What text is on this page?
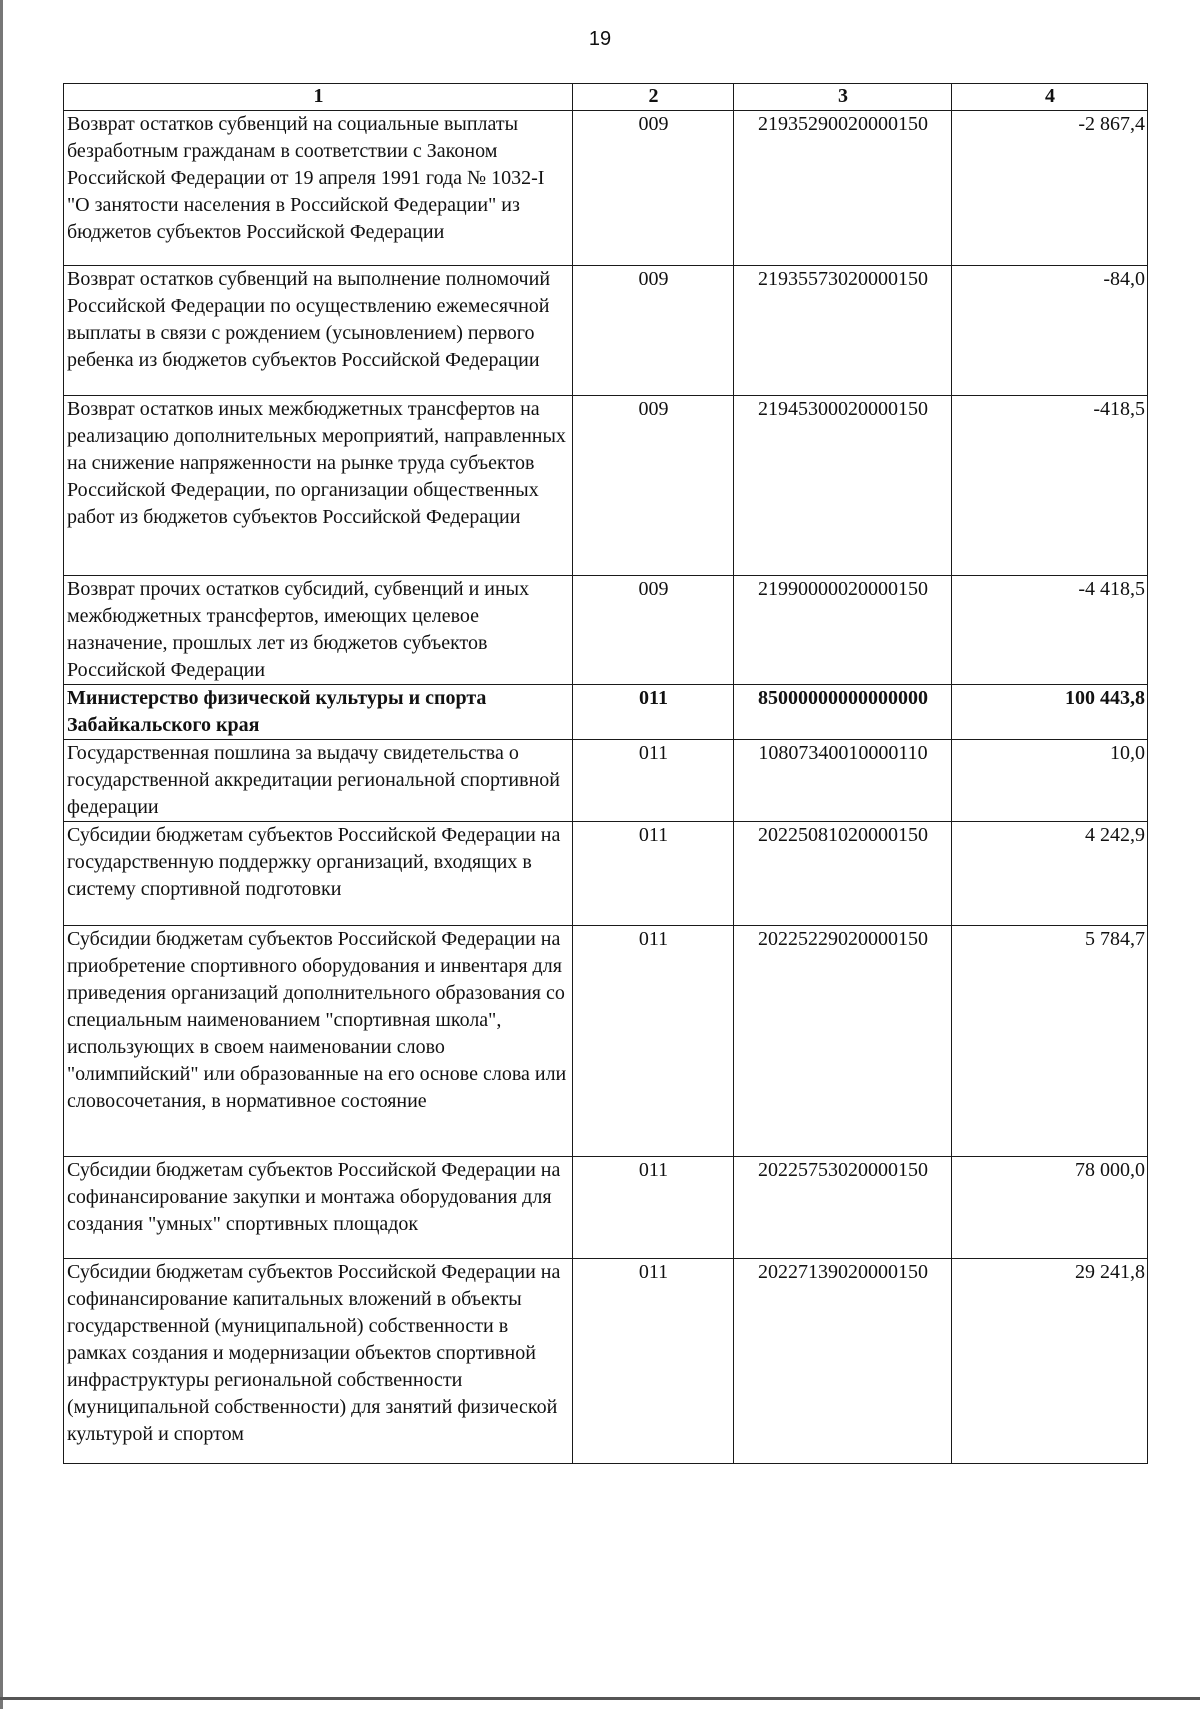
19
1	2	3	4
Возврат остатков субвенций на социальные выплаты безработным гражданам в соответствии с Законом Российской Федерации от 19 апреля 1991 года № 1032-I "О занятости населения в Российской Федерации" из бюджетов субъектов Российской Федерации	009	21935290020000150	-2 867,4
Возврат остатков субвенций на выполнение полномочий Российской Федерации по осуществлению ежемесячной выплаты в связи с рождением (усыновлением) первого ребенка из бюджетов субъектов Российской Федерации	009	21935573020000150	-84,0
Возврат остатков иных межбюджетных трансфертов на реализацию дополнительных мероприятий, направленных на снижение напряженности на рынке труда субъектов Российской Федерации, по организации общественных работ из бюджетов субъектов Российской Федерации	009	21945300020000150	-418,5
Возврат прочих остатков субсидий, субвенций и иных межбюджетных трансфертов, имеющих целевое назначение, прошлых лет из бюджетов субъектов Российской Федерации	009	21990000020000150	-4 418,5
Министерство физической культуры и спорта Забайкальского края	011	85000000000000000	100 443,8
Государственная пошлина за выдачу свидетельства о государственной аккредитации региональной спортивной федерации	011	10807340010000110	10,0
Субсидии бюджетам субъектов Российской Федерации на государственную поддержку организаций, входящих в систему спортивной подготовки	011	20225081020000150	4 242,9
Субсидии бюджетам субъектов Российской Федерации на приобретение спортивного оборудования и инвентаря для приведения организаций дополнительного образования со специальным наименованием "спортивная школа", использующих в своем наименовании слово "олимпийский" или образованные на его основе слова или словосочетания, в нормативное состояние	011	20225229020000150	5 784,7
Субсидии бюджетам субъектов Российской Федерации на софинансирование закупки и монтажа оборудования для создания "умных" спортивных площадок	011	20225753020000150	78 000,0
Субсидии бюджетам субъектов Российской Федерации на софинансирование капитальных вложений в объекты государственной (муниципальной) собственности в рамках создания и модернизации объектов спортивной инфраструктуры региональной собственности (муниципальной собственности) для занятий физической культурой и спортом	011	20227139020000150	29 241,8
